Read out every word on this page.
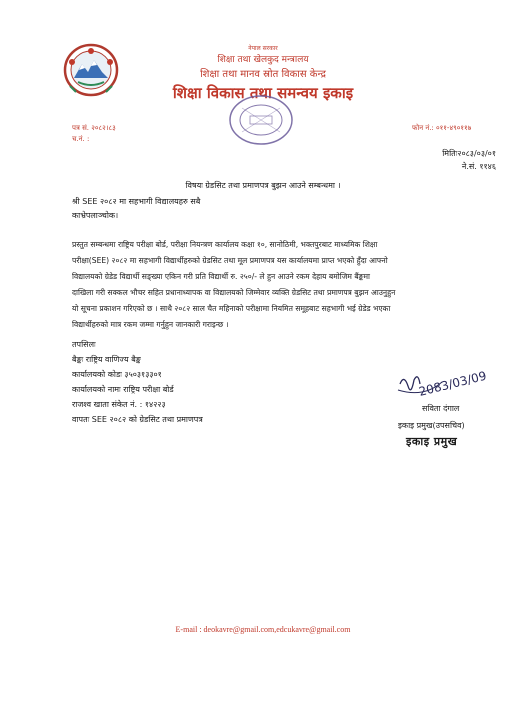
नेपाल सरकार
शिक्षा तथा खेलकुद मन्त्रालय
शिक्षा तथा मानव स्रोत विकास केन्द्र
शिक्षा विकास तथा समन्वय इकाइ
पत्र सं. २०८२।८३
च.नं. :
फोन नं.: ०११-४९०११७
मितिः२०८३/०३/०१
ने.सं. ११४६
विषयः ग्रेडसिट तथा प्रमाणपत्र बुझन आउने सम्बन्धमा ।
श्री SEE २०८२ मा सहभागी विद्यालयहरु सबै
काभ्रेपलाञ्चोक।
प्रस्तुत सम्बन्धमा राष्ट्रिय परीक्षा बोर्ड, परीक्षा नियन्त्रण कार्यालय कक्षा १०, सानोठिमी, भक्तपुरबाट माध्यमिक शिक्षा
परीक्षा(SEE) २०८२ मा सहभागी विद्यार्थीहरुको ग्रेडसिट तथा मूल प्रमाणपत्र यस कार्यालयमा प्राप्त भएको हुँदा आफ्नो
विद्यालयको ग्रेडेड विद्यार्थी सङ्ख्या एकिन गरी प्रति विद्यार्थी रु. २५०/- ले हुन आउने रकम देहाय बमोजिम बैंङ्कमा
दाखिला गरी सक्कल भौचर सहित प्रधानाध्यापक वा विद्यालयको जिम्मेवार व्यक्ति ग्रेडसिट तथा प्रमाणपत्र बुझन आउनुहुन
यो सूचना प्रकाशन गरिएको छ । साथै २०८२ साल चैत महिनाको परीक्षामा नियमित समूहबाट सहभागी भई ग्रेडेड भएका
विद्यार्थीहरुको मात्र रकम जम्मा गर्नुहुन जानकारी गराइन्छ ।
तपसिलः
बैङ्कः राष्ट्रिय वाणिज्य बैङ्क
कार्यालयको कोडः ३५०३१३३०१
कार्यालयको नामः राष्ट्रिय परीक्षा बोर्ड
राजश्व खाता संकेत नं. : १४२२३
वापतः SEE २०८२ को ग्रेडसिट तथा प्रमाणपत्र
2083/03/09
सविता दंगाल
इकाइ प्रमुख(उपसचिव)
इकाइ प्रमुख
E-mail : deokavre@gmail.com,edcukavre@gmail.com
